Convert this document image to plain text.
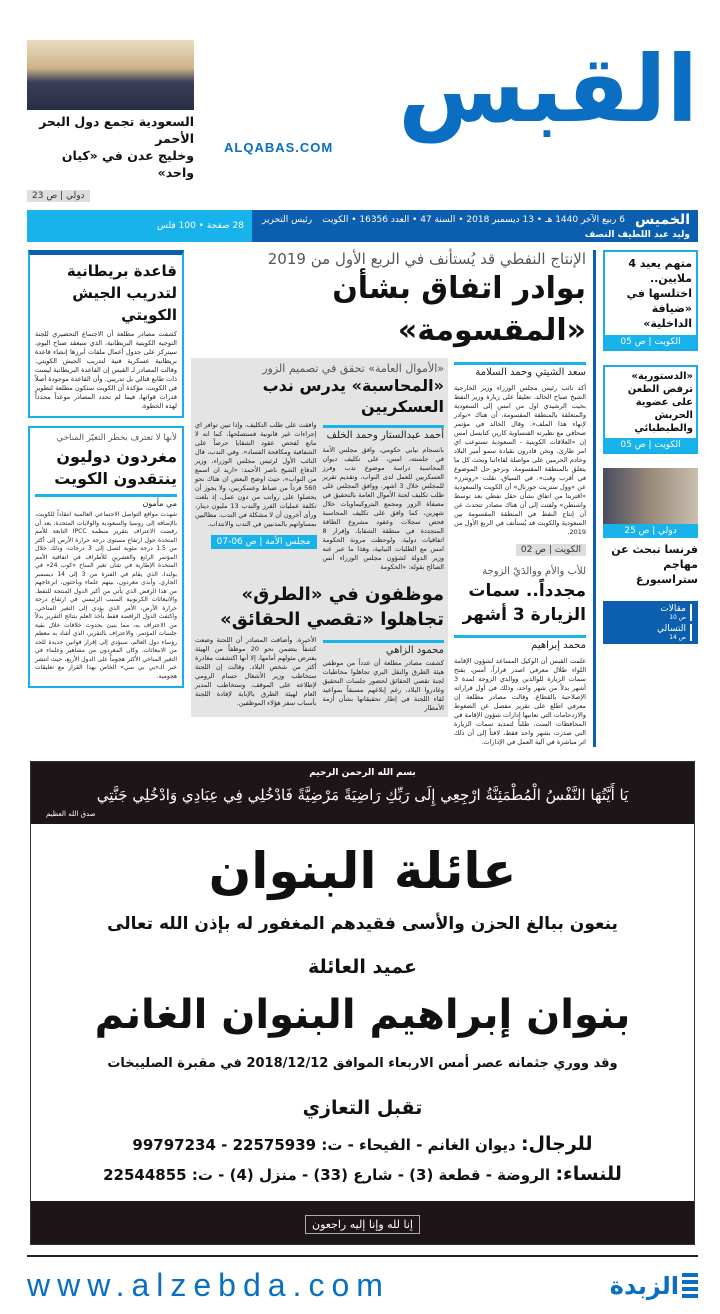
القبس
ALQABAS.COM
السعودية تجمع دول البحر الأحمر
وخليج عدن في «كيان واحد»
دولي | ص 23
الخميس
6 ربيع الآخر 1440 هـ • 13 ديسمبر 2018 • السنة 47 • العدد 16356 • الكويت
رئيس التحرير
وليد عبد اللطيف النصف
28 صفحة • 100 فلس
متهم يعيد 4 ملايين.. اختلسها في «ضيافة الداخلية»
الكويت | ص 05
«الدستورية» ترفض الطعن على عضوية الحربش والطبطبائي
الكويت | ص 05
دولي | ص 25
فرنسا تبحث عن مهاجم ستراسبورغ
مقالات
ص 10
التسالي
ص 14
الإنتاج النفطي قد يُستأنف في الربع الأول من 2019
بوادر اتفاق بشأن «المقسومة»
سعد الشيتي وحمد السلامة
أكد نائب رئيس مجلس الوزراء وزير الخارجية الشيخ صباح الخالد، تعليقاً على زيارة وزير النفط بخيت الرشيدي اول من امس إلى السعودية والمتعلقة بالمنطقة المقسومة، أن هناك «بوادر لإنهاء هذا الملف». وقال الخالد في مؤتمر صحافي مع نظيرته الفنساوية كارين كنايسل امس إن «العلاقات الكويتية - السعودية تستوعب اي امر طارئ، ونحن قادرون بقيادة سمو أمير البلاد وخادم الحرمين على مواصلة لقاءاتنا وبحث كل ما يتعلق بالمنطقة المقسومة، ونرجو حل الموضوع في أقرب وقت». في السياق، نقلت «رويترز» عن «وول ستريت جورنال» أن الكويت والسعودية «اقتربتا من اتفاق بشأن حقل نفطي بعد توسط واشنطن» ولفتت إلى أن هناك مصادر تتحدث عن أن إنتاج النفط في المنطقة المقسومة بين السعودية والكويت قد يُستأنف في الربع الأول من 2019.
الكويت | ص 02
للأب والأم ووالدَيْ الزوجة
مجدداً.. سمات الزيارة 3 أشهر
محمد إبراهيم
علمت القبس أن الوكيل المساعد لشؤون الإقامة اللواء طلال معرفي اصدر قراراً، أمس، بفتح سمات الزيارة للوالدين ووالدي الزوجة لمدة 3 أشهر بدلاً من شهر واحد، وذلك في أول قراراته الإصلاحية بالقطاع. وقالت مصادر مطلعة إن معرفي اطلع على تقرير مفصل عن الضغوط والازدحامات التي تعانيها إدارات شؤون الإقامة في المحافظات الست، طلباً لتمديد سمات الزيارة التي صدرت بشهر واحد فقط، لافتاً إلى أن ذلك اثر مباشرة في آلية العمل في الإدارات.
«الأموال العامة» تحقق في تصميم الزور
«المحاسبة» يدرس ندب العسكريين
أحمد عبدالستار وحمد الخلف
بانسجام نيابي حكومي، وافق مجلس الأمة في جلسته، امس، على تكليف ديوان المحاسبة دراسة موضوع ندب وفرز العسكريين للعمل لدى النواب، وتقديم تقرير للمجلس خلال 3 اشهر. ووافق المجلس على طلب تكليف لجنة الأموال العامة بالتحقيق في مصفاة الزور ومجمع البتروكيماويات خلال شهرين، كما وافق على تكليف المحاسبة فحص سجلات وعقود مشروع الطاقة المتجددة في منطقة الشقايا، وإقرار 8 اتفاقيات دولية. ولوحظت مرونة الحكومة امس مع الطلبات النيابية، وهذا ما عبر عنه وزير الدولة لشؤون مجلس الوزراء أنس الصالح بقوله: «الحكومة
وافقت على طلب التكليف، وإذا تبين توافر اي إجراءات غير قانونية فستصلحها، كما انه لا مانع لفحص عقود الشقايا حرصاً على الشفافية ومكافحة الفساد». وفي الندب، قال النائب الأول لرئيس مجلس الوزراء، وزير الدفاع الشيخ ناصر الأحمد: «اريد ان اسمع من النواب»، حيث اوضح البعض ان هناك نحو 560 فرداً من ضباط وعسكريين، ولا يجوز أن يحصلوا على رواتب من دون عمل، إذ بلغت تكلفة عمليات الفرز والندب 13 مليون دينار، ورأى آخرون أن لا مشكلة في الندب، مطالبين بمساواتهم بالمدنيين في الندب والانتداب.
مجلس الأمة | ص 06-07
موظفون في «الطرق»
تجاهلوا «تقصي الحقائق»
محمود الزاهي
كشفت مصادر مطلعة أن عدداً من موظفي هيئة الطرق والنقل البري تجاهلوا مخاطبات لجنة تقصي الحقائق لحضور جلسات التحقيق وغادروا البلاد، رغم إبلاغهم مسبقاً بمواعيد لقاء اللجنة في إطار تحقيقاتها بشأن أزمة الأمطار
الأخيرة. وأضافت المصادر أن اللجنة وضعت كشفاً يتضمن نحو 20 موظفاً من الهيئة يفترض مثولهم أمامها، إلا أنها اكتشفت مغادرة أكثر من شخص البلاد. وقالت إن اللجنة ستخاطب وزير الأشغال حسام الرومي لإطلاعه على الموقف، وستخاطب المدير العام لهيئة الطرق بالإنابة لإفادة اللجنة بأسباب سفر هؤلاء الموظفين.
قاعدة بريطانية لتدريب الجيش الكويتي
كشفت مصادر مطلعة أن الاجتماع التحضيري للجنة التوجيه الكويتية البريطانية، الذي سيعقد صباح اليوم، سيتركز على جدول أعمال ملفات أبرزها إنشاء قاعدة بريطانية عسكرية فنية لتدريب الجيش الكويتي. وقالت المصادر لـ القبس إن القاعدة البريطانية ليست ذات طابع قتالي بل تدريبي. وأن القاعدة موجودة أصلاً في الكويت، مؤكدة أن الكويت ستكون مطلعة لتطوير قدرات قواتها، فيما لم تحدد المصادر موعداً محدداً لهذه الخطوة.
لأنها لا تعترف بخطر التغيّر المناخي
مغردون دوليون ينتقدون الكويت
مي مأمون
شهدت مواقع التواصل الاجتماعي العالمية انتقاداً للكويت، بالإضافة إلى روسيا والسعودية والولايات المتحدة، بعد أن رفضت الاعتراف بتقرير منظمة IPCC التابعة للأمم المتحدة حول ارتفاع مستوى درجة حرارة الأرض إلى أكثر من 1.5 درجة مئوية لتصل إلى 3 درجات، وذلك خلال المؤتمر الرابع والعشرين للأطراف في اتفاقية الأمم المتحدة الإطارية في شأن تغير المناخ «كوب 24» في بولندا، الذي يقام في الفترة من 3 إلى 14 ديسمبر الجاري. وأبدى مغردون، بينهم علماء وباحثون، انزعاجهم من هذا الرفض الذي يأتي من أكبر الدول المنتجة للنفط. والانبعاثات الكربونية السبب الرئيسي في ارتفاع درجة حرارة الأرض، الأمر الذي يؤدي إلى التغير المناخي. واكتفت الدول الرافضة فقط بأخذ العلم بنتائج التقرير بدلاً من الاعتراف به، مما ينبئ بحدوث خلافات خلال بقية جلسات المؤتمر. والاعتراف بالتقرير، الذي أشاد به معظم رؤساء دول العالم، سيؤدي إلى إقرار قوانين جديدة للحد من الانبعاثات. وكان المغردون من مشاهير وعلماء في التغير المناخي الأكثر هجوماً على الدول الأربع، حيث انتشر خبر الـ«بي بي سي» الخاص بهذا القرار مع تعليقات هجومية.
بسم الله الرحمن الرحيم
يَا أَيَّتُهَا النَّفْسُ الْمُطْمَئِنَّةُ ارْجِعِي إِلَى رَبِّكِ رَاضِيَةً مَرْضِيَّةً فَادْخُلِي فِي عِبَادِي وَادْخُلِي جَنَّتِي
صدق الله العظيم
عائلة البنوان
ينعون ببالغ الحزن والأسى فقيدهم المغفور له بإذن الله تعالى
عميد العائلة
بنوان إبراهيم البنوان الغانم
وقد ووري جثمانه عصر أمس الاربعاء الموافق 2018/12/12 في مقبرة الصليبخات
تقبل التعازي
للرجال: ديوان الغانم - الفيحاء - ت: 22575939 - 99797234
للنساء: الروضة - قطعة (3) - شارع (33) - منزل (4) - ت: 22544855
إنا لله وإنا إليه راجعون
www.alzebda.com	الزبدة
